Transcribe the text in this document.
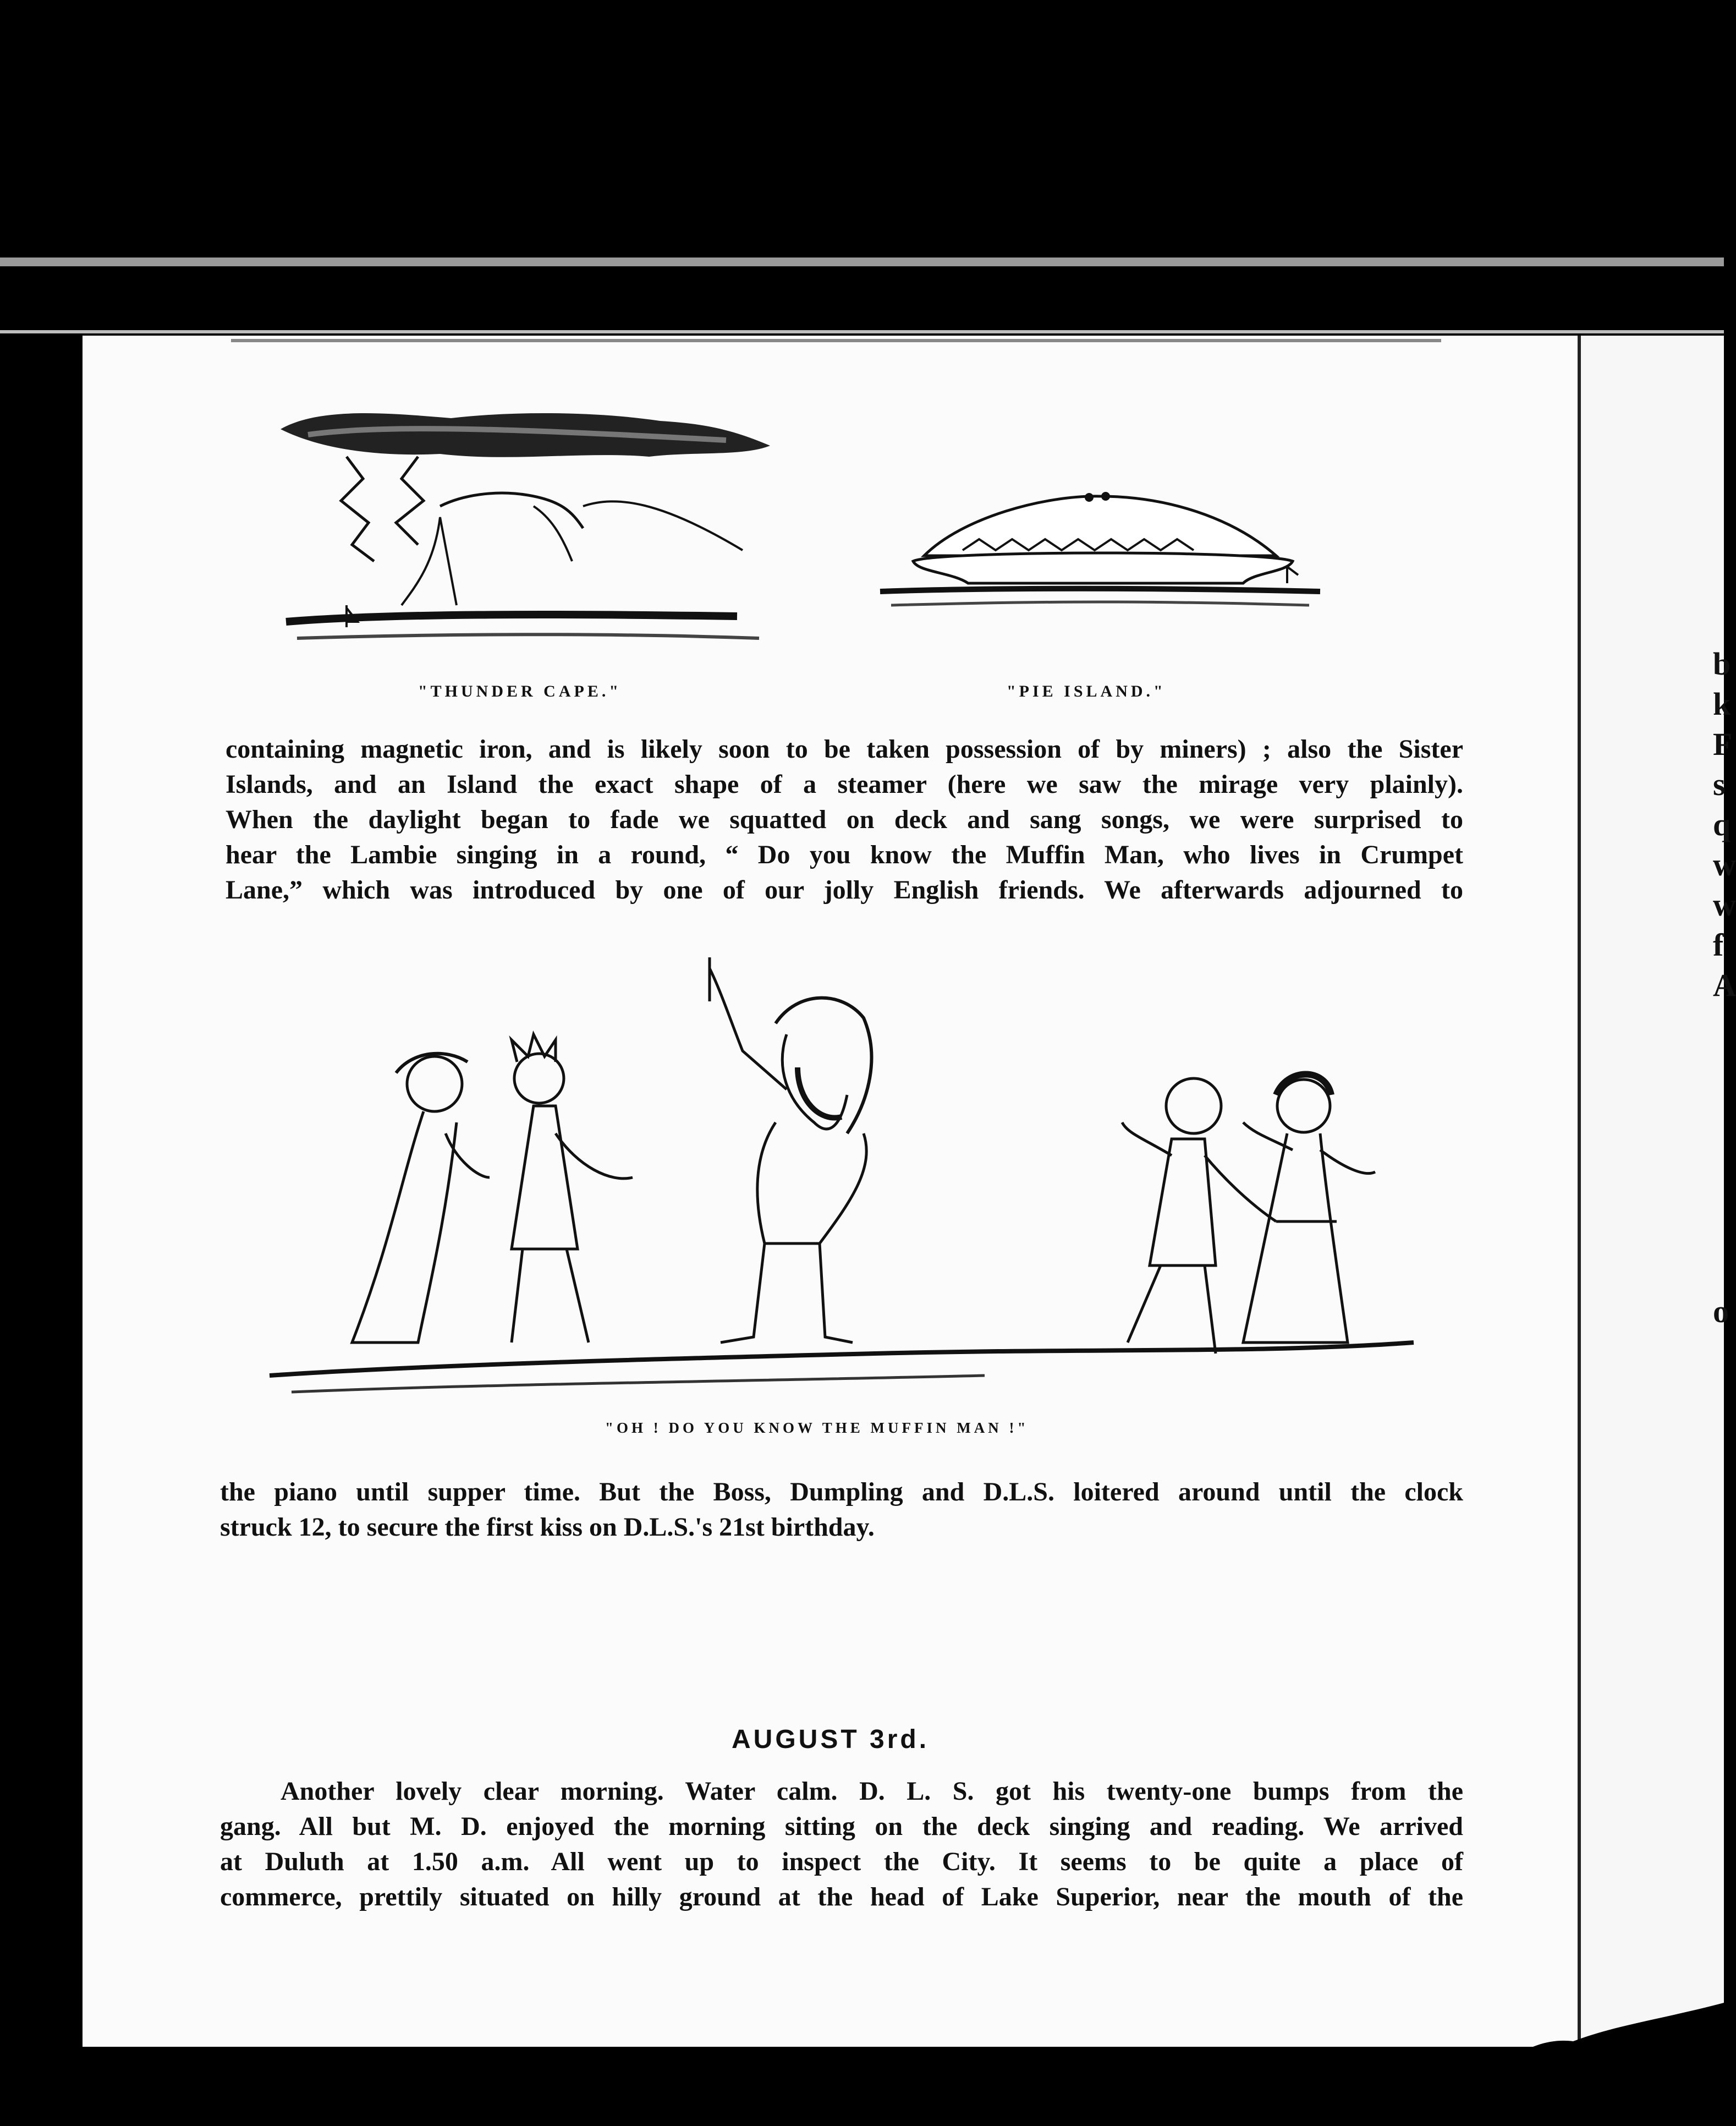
"THUNDER CAPE."	"PIE ISLAND."
containing magnetic iron, and is likely soon to be taken possession of by miners) ; also the Sister
Islands, and an Island the exact shape of a steamer (here we saw the mirage very plainly).
When the daylight began to fade we squatted on deck and sang songs, we were surprised to
hear the Lambie singing in a round, “ Do you know the Muffin Man, who lives in Crumpet
Lane,” which was introduced by one of our jolly English friends. We afterwards adjourned to
"OH ! DO YOU KNOW THE MUFFIN MAN !"
the piano until supper time. But the Boss, Dumpling and D.L.S. loitered around until the clock
struck 12, to secure the first kiss on D.L.S.'s 21st birthday.
AUGUST 3rd.
Another lovely clear morning. Water calm. D. L. S. got his twenty-one bumps from the
gang. All but M. D. enjoyed the morning sitting on the deck singing and reading. We arrived
at Duluth at 1.50 a.m. All went up to inspect the City. It seems to be quite a place of
commerce, prettily situated on hilly ground at the head of Lake Superior, near the mouth of the
b
k
F
s
q
w
w
f
A
o
